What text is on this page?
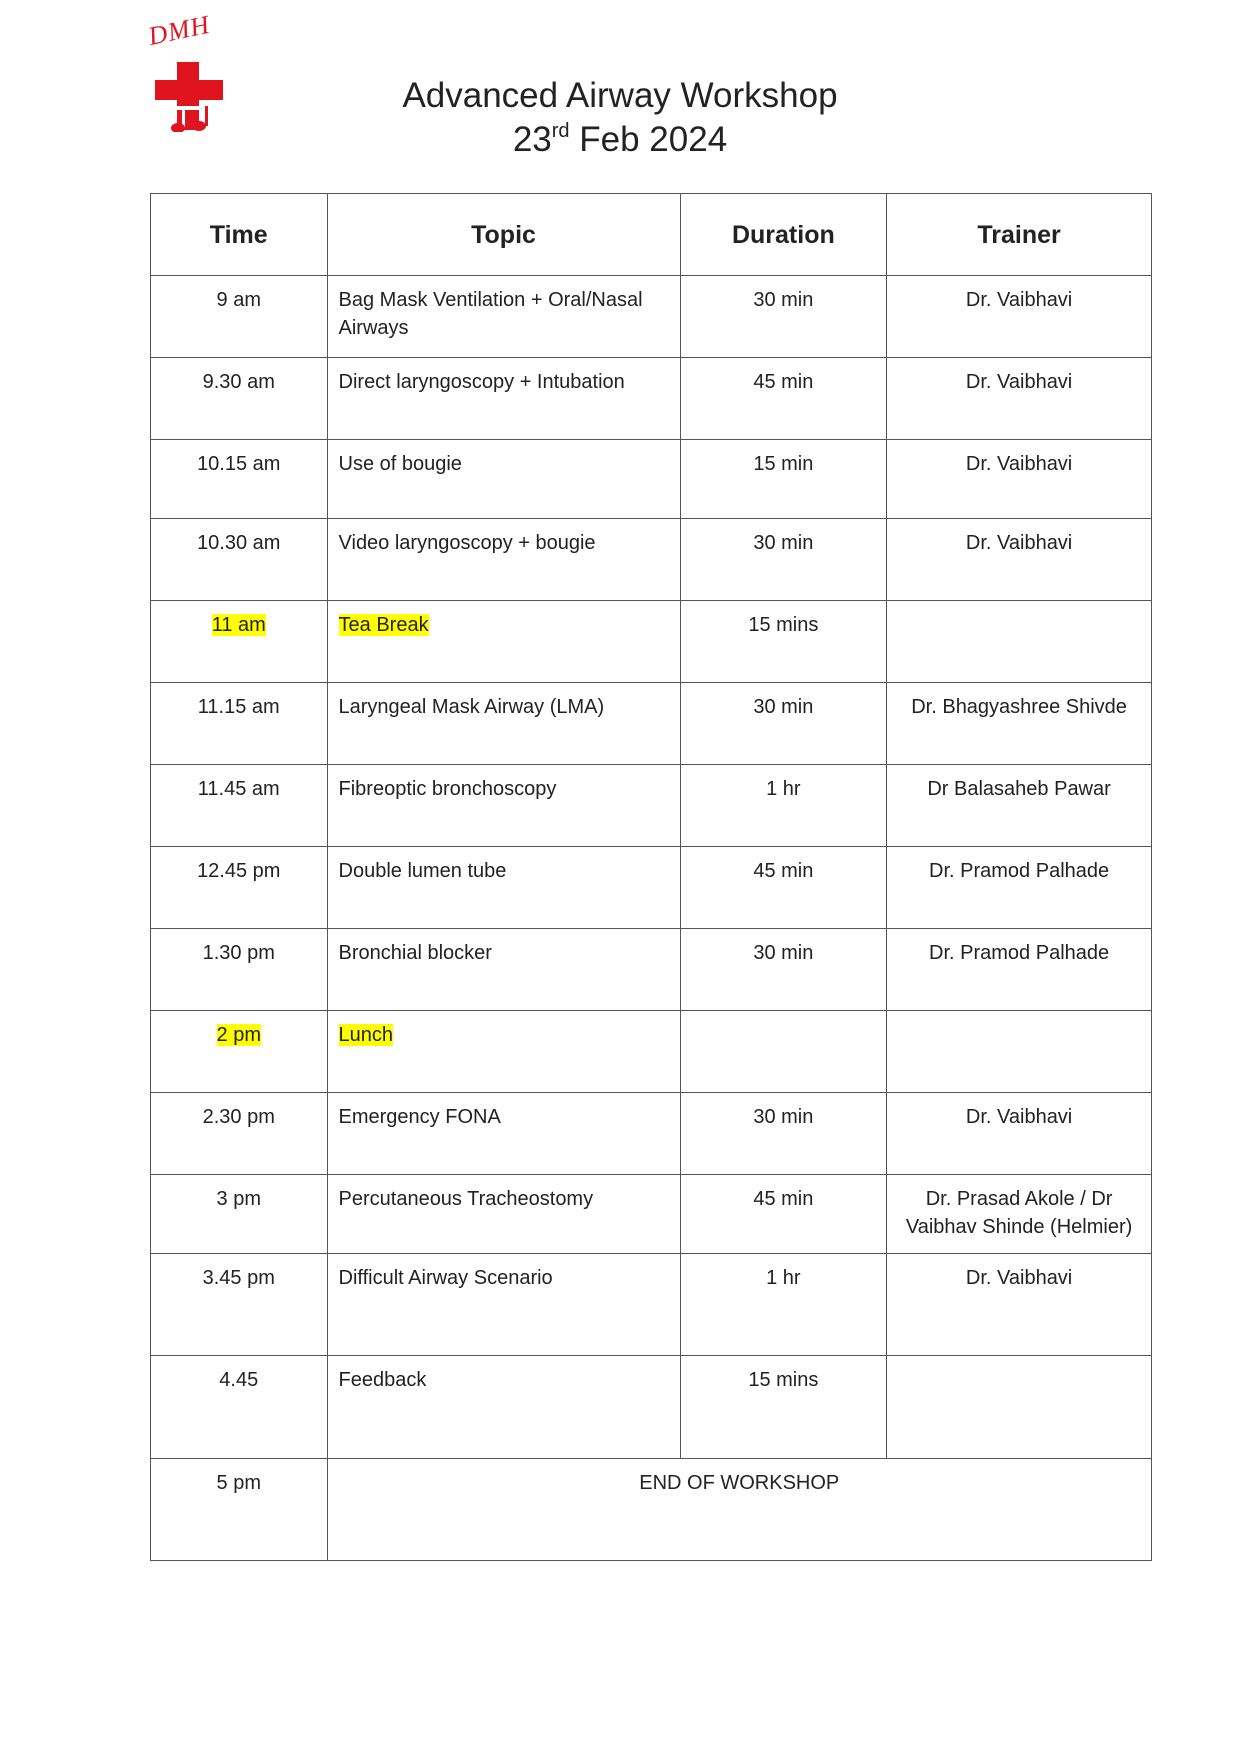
DMH
Advanced Airway Workshop
23rd Feb 2024
Time	Topic	Duration	Trainer
9 am	Bag Mask Ventilation + Oral/Nasal Airways	30 min	Dr. Vaibhavi
9.30 am	Direct laryngoscopy + Intubation	45 min	Dr. Vaibhavi
10.15 am	Use of bougie	15 min	Dr. Vaibhavi
10.30 am	Video laryngoscopy + bougie	30 min	Dr. Vaibhavi
11 am	Tea Break	15 mins	
11.15 am	Laryngeal Mask Airway (LMA)	30 min	Dr. Bhagyashree Shivde
11.45 am	Fibreoptic bronchoscopy	1 hr	Dr Balasaheb Pawar
12.45 pm	Double lumen tube	45 min	Dr. Pramod Palhade
1.30 pm	Bronchial blocker	30 min	Dr. Pramod Palhade
2 pm	Lunch		
2.30 pm	Emergency FONA	30 min	Dr. Vaibhavi
3 pm	Percutaneous Tracheostomy	45 min	Dr. Prasad Akole / Dr Vaibhav Shinde (Helmier)
3.45 pm	Difficult Airway Scenario	1 hr	Dr. Vaibhavi
4.45	Feedback	15 mins	
5 pm	END OF WORKSHOP		
